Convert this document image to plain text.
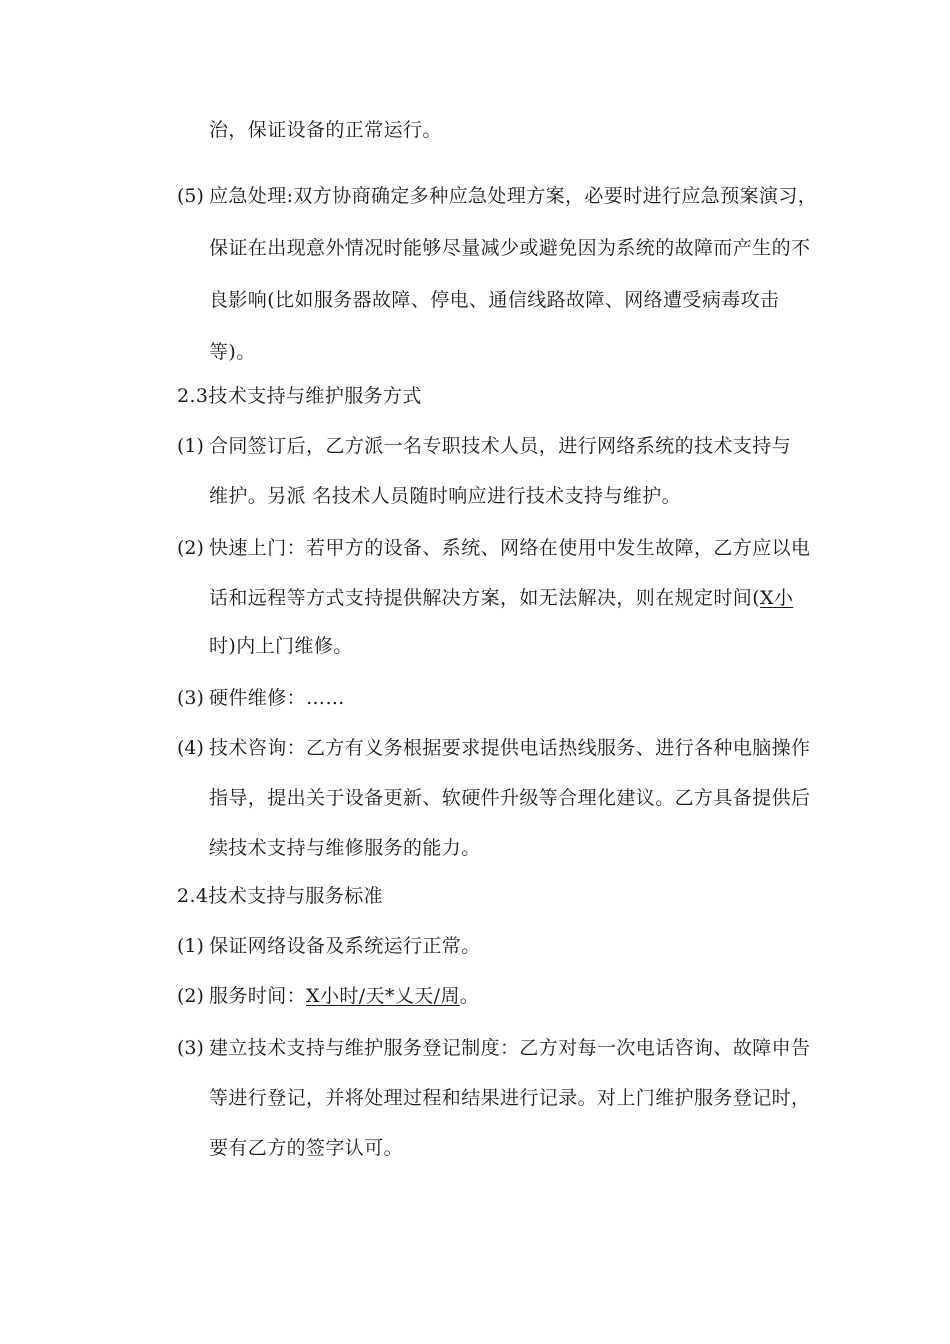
治，保证设备的正常运行。
(5) 应急处理:双方协商确定多种应急处理方案，必要时进行应急预案演习，
保证在出现意外情况时能够尽量减少或避免因为系统的故障而产生的不
良影响(比如服务器故障、停电、通信线路故障、网络遭受病毒攻击
等)。
2.3技术支持与维护服务方式
(1) 合同签订后，乙方派一名专职技术人员，进行网络系统的技术支持与
维护。另派 名技术人员随时响应进行技术支持与维护。
(2) 快速上门：若甲方的设备、系统、网络在使用中发生故障，乙方应以电
话和远程等方式支持提供解决方案，如无法解决，则在规定时间(X小
时)内上门维修。
(3) 硬件维修：……
(4) 技术咨询：乙方有义务根据要求提供电话热线服务、进行各种电脑操作
指导，提出关于设备更新、软硬件升级等合理化建议。乙方具备提供后
续技术支持与维修服务的能力。
2.4技术支持与服务标准
(1) 保证网络设备及系统运行正常。
(2) 服务时间：X小时/天*乂天/周。
(3) 建立技术支持与维护服务登记制度：乙方对每一次电话咨询、故障申告
等进行登记，并将处理过程和结果进行记录。对上门维护服务登记时，
要有乙方的签字认可。
